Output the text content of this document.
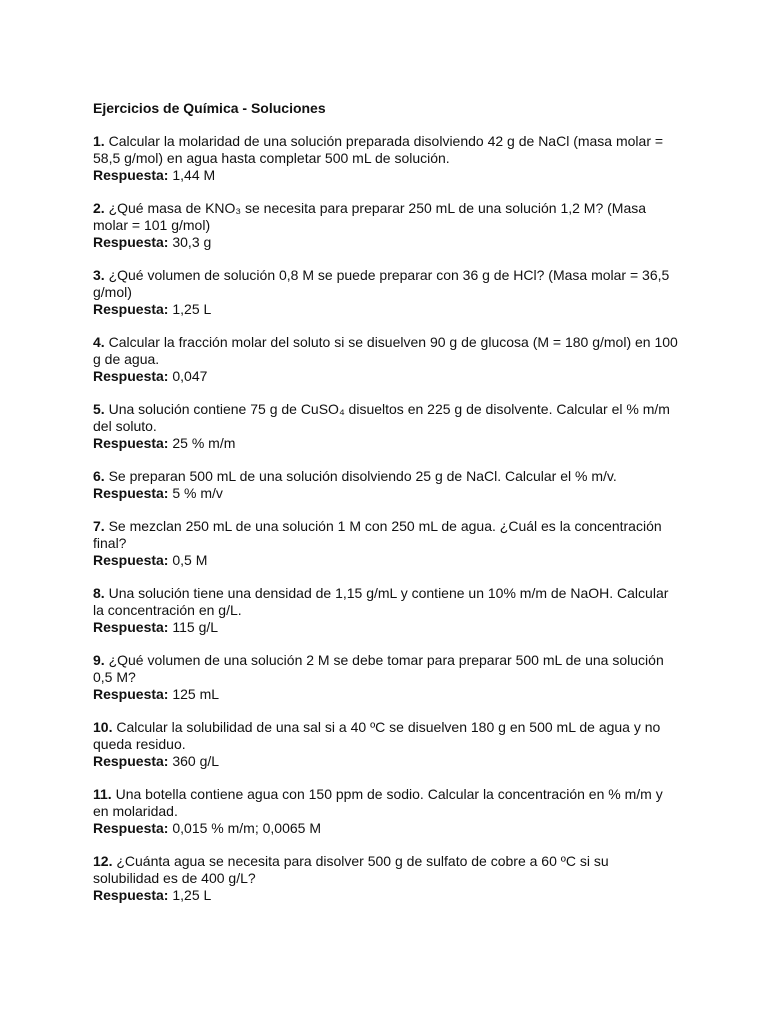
Ejercicios de Química - Soluciones

1. Calcular la molaridad de una solución preparada disolviendo 42 g de NaCl (masa molar = 58,5 g/mol) en agua hasta completar 500 mL de solución.

Respuesta: 1,44 M

2. ¿Qué masa de KNO₃ se necesita para preparar 250 mL de una solución 1,2 M? (Masa molar = 101 g/mol)

Respuesta: 30,3 g

3. ¿Qué volumen de solución 0,8 M se puede preparar con 36 g de HCl? (Masa molar = 36,5 g/mol)

Respuesta: 1,25 L

4. Calcular la fracción molar del soluto si se disuelven 90 g de glucosa (M = 180 g/mol) en 100 g de agua.

Respuesta: 0,047

5. Una solución contiene 75 g de CuSO₄ disueltos en 225 g de disolvente. Calcular el % m/m del soluto.

Respuesta: 25 % m/m

6. Se preparan 500 mL de una solución disolviendo 25 g de NaCl. Calcular el % m/v.

Respuesta: 5 % m/v

7. Se mezclan 250 mL de una solución 1 M con 250 mL de agua. ¿Cuál es la concentración final?

Respuesta: 0,5 M

8. Una solución tiene una densidad de 1,15 g/mL y contiene un 10% m/m de NaOH. Calcular la concentración en g/L.

Respuesta: 115 g/L

9. ¿Qué volumen de una solución 2 M se debe tomar para preparar 500 mL de una solución 0,5 M?

Respuesta: 125 mL

10. Calcular la solubilidad de una sal si a 40 ºC se disuelven 180 g en 500 mL de agua y no queda residuo.

Respuesta: 360 g/L

11. Una botella contiene agua con 150 ppm de sodio. Calcular la concentración en % m/m y en molaridad.

Respuesta: 0,015 % m/m; 0,0065 M

12. ¿Cuánta agua se necesita para disolver 500 g de sulfato de cobre a 60 ºC si su solubilidad es de 400 g/L?

Respuesta: 1,25 L
